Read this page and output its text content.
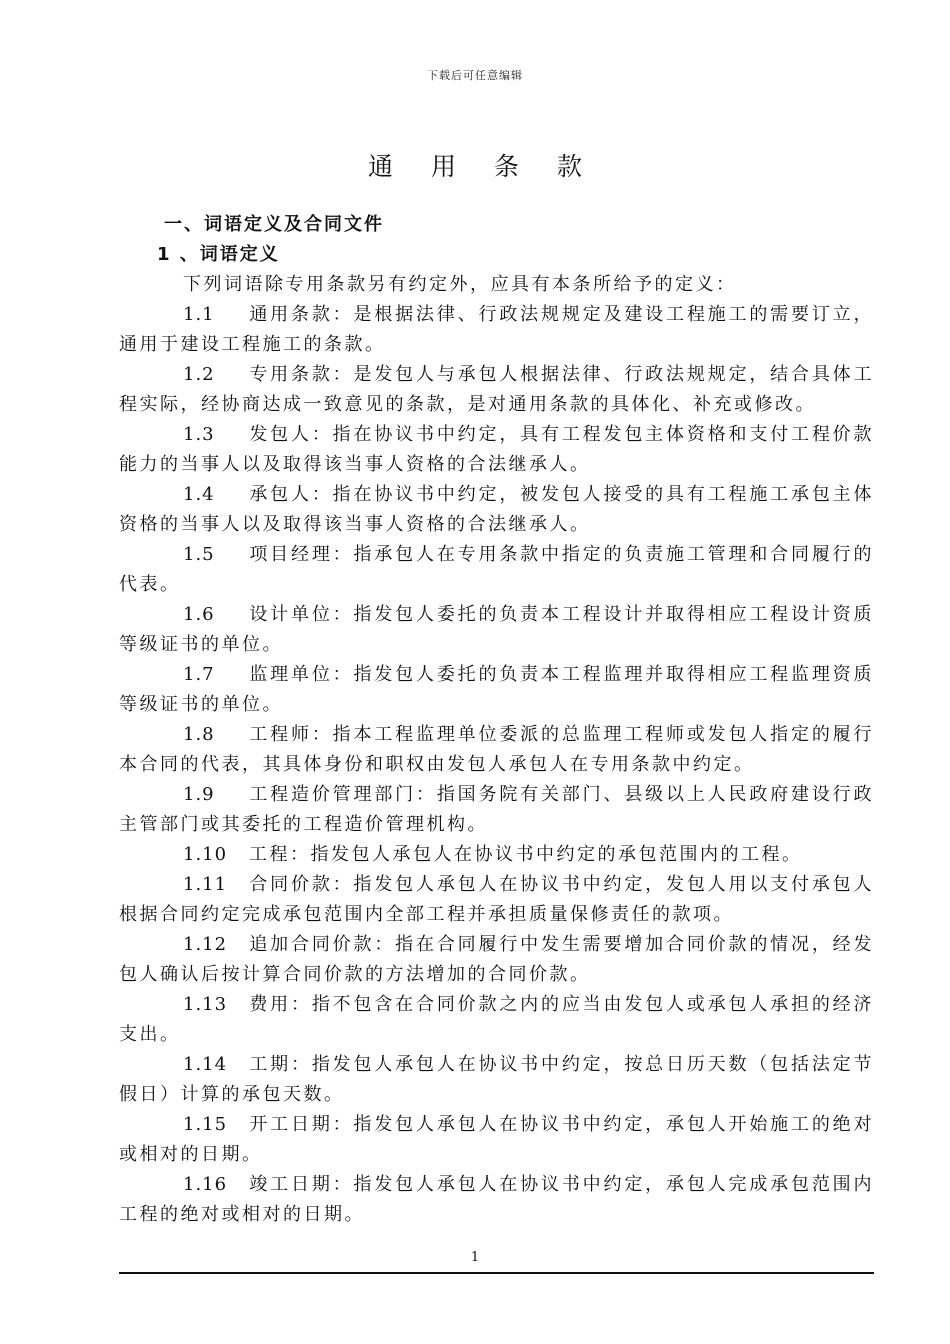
下载后可任意编辑
通用条款
一、词语定义及合同文件
1 、词语定义
下列词语除专用条款另有约定外，应具有本条所给予的定义：
1.1 通用条款：是根据法律、行政法规规定及建设工程施工的需要订立，通用于建设工程施工的条款。
1.2 专用条款：是发包人与承包人根据法律、行政法规规定，结合具体工程实际，经协商达成一致意见的条款，是对通用条款的具体化、补充或修改。
1.3 发包人：指在协议书中约定，具有工程发包主体资格和支付工程价款能力的当事人以及取得该当事人资格的合法继承人。
1.4 承包人：指在协议书中约定，被发包人接受的具有工程施工承包主体资格的当事人以及取得该当事人资格的合法继承人。
1.5 项目经理：指承包人在专用条款中指定的负责施工管理和合同履行的代表。
1.6 设计单位：指发包人委托的负责本工程设计并取得相应工程设计资质等级证书的单位。
1.7 监理单位：指发包人委托的负责本工程监理并取得相应工程监理资质等级证书的单位。
1.8 工程师：指本工程监理单位委派的总监理工程师或发包人指定的履行本合同的代表，其具体身份和职权由发包人承包人在专用条款中约定。
1.9 工程造价管理部门：指国务院有关部门、县级以上人民政府建设行政主管部门或其委托的工程造价管理机构。
1.10 工程：指发包人承包人在协议书中约定的承包范围内的工程。
1.11 合同价款：指发包人承包人在协议书中约定，发包人用以支付承包人根据合同约定完成承包范围内全部工程并承担质量保修责任的款项。
1.12 追加合同价款：指在合同履行中发生需要增加合同价款的情况，经发包人确认后按计算合同价款的方法增加的合同价款。
1.13 费用：指不包含在合同价款之内的应当由发包人或承包人承担的经济支出。
1.14 工期：指发包人承包人在协议书中约定，按总日历天数（包括法定节假日）计算的承包天数。
1.15 开工日期：指发包人承包人在协议书中约定，承包人开始施工的绝对或相对的日期。
1.16 竣工日期：指发包人承包人在协议书中约定，承包人完成承包范围内工程的绝对或相对的日期。
1
